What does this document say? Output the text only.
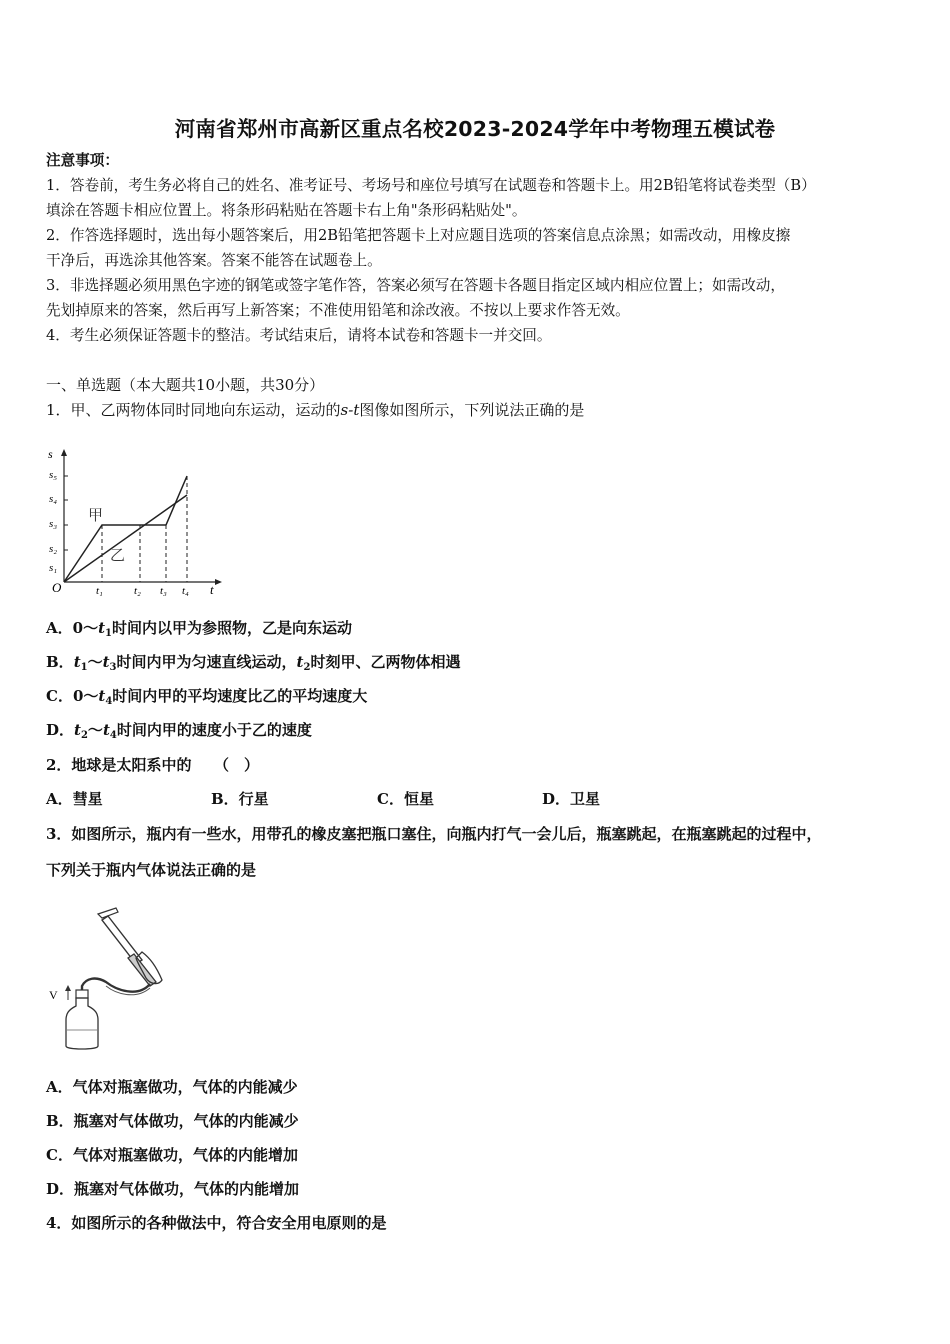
河南省郑州市高新区重点名校2023-2024学年中考物理五模试卷
注意事项：
1．答卷前，考生务必将自己的姓名、准考证号、考场号和座位号填写在试题卷和答题卡上。用2B铅笔将试卷类型（B）
填涂在答题卡相应位置上。将条形码粘贴在答题卡右上角"条形码粘贴处"。
2．作答选择题时，选出每小题答案后，用2B铅笔把答题卡上对应题目选项的答案信息点涂黑；如需改动，用橡皮擦
干净后，再选涂其他答案。答案不能答在试题卷上。
3．非选择题必须用黑色字迹的钢笔或签字笔作答，答案必须写在答题卡各题目指定区域内相应位置上；如需改动，
先划掉原来的答案，然后再写上新答案；不准使用铅笔和涂改液。不按以上要求作答无效。
4．考生必须保证答题卡的整洁。考试结束后，请将本试卷和答题卡一并交回。
一、单选题（本大题共10小题，共30分）
1．甲、乙两物体同时同地向东运动，运动的s-t图像如图所示，下列说法正确的是
s
s₅
s₄
s₃
s₂
s₁
O	t₁	t₂ t₃ t₄ t
甲
乙
A．$0\sim t_1$时间内以甲为参照物，乙是向东运动
B．$t_1\sim t_3$时间内甲为匀速直线运动，$t_2$时刻甲、乙两物体相遇
C．$0\sim t_4$时间内甲的平均速度比乙的平均速度大
D．$t_2\sim t_4$时间内甲的速度小于乙的速度
2．地球是太阳系中的　　（　）
A．彗星	B．行星	C．恒星	D．卫星
3．如图所示，瓶内有一些水，用带孔的橡皮塞把瓶口塞住，向瓶内打气一会儿后，瓶塞跳起，在瓶塞跳起的过程中，
下列关于瓶内气体说法正确的是
V
A．气体对瓶塞做功，气体的内能减少
B．瓶塞对气体做功，气体的内能减少
C．气体对瓶塞做功，气体的内能增加
D．瓶塞对气体做功，气体的内能增加
4．如图所示的各种做法中，符合安全用电原则的是
